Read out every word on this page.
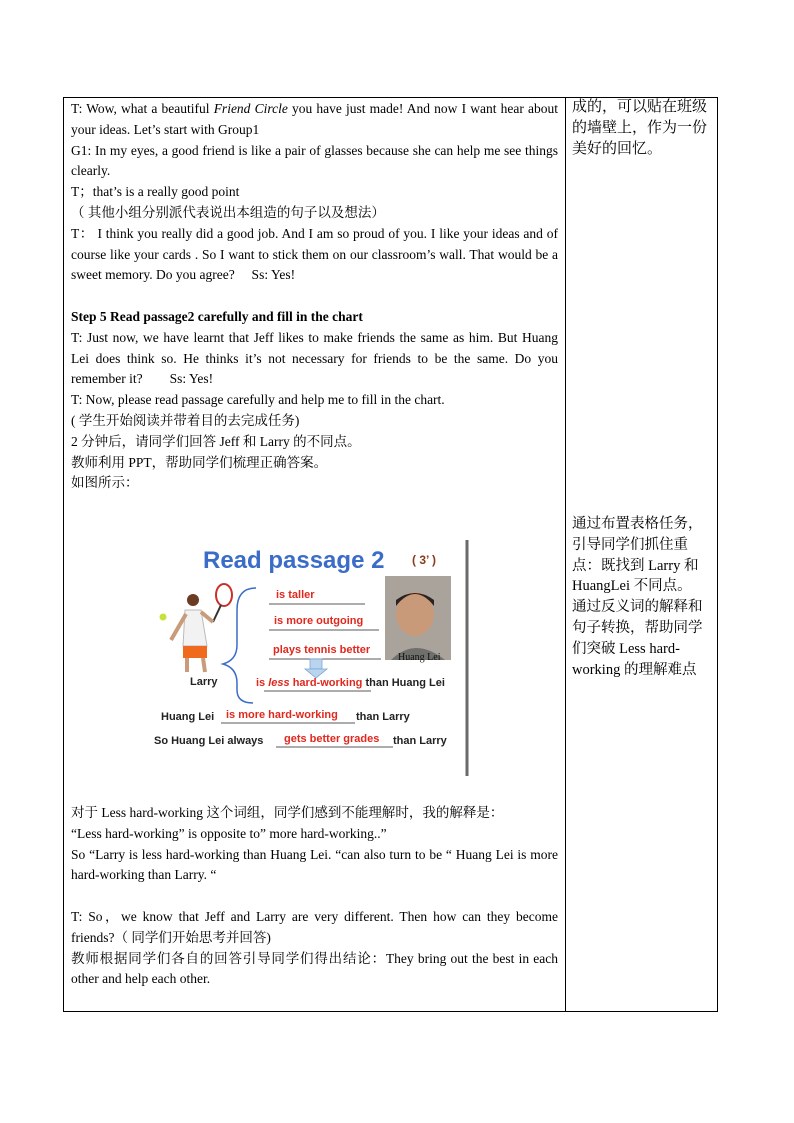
T: Wow, what a beautiful Friend Circle you have just made! And now I want hear about your ideas. Let’s start with Group1

G1: In my eyes, a good friend is like a pair of glasses because she can help me see things clearly.

T；that’s is a really good point

（ 其他小组分别派代表说出本组造的句子以及想法）

T： I think you really did a good job. And I am so proud of you. I like your ideas and of course like your cards . So I want to stick them on our classroom’s wall. That would be a sweet memory. Do you agree?　 Ss: Yes!

Step 5 Read passage2 carefully and fill in the chart

T: Just now, we have learnt that Jeff likes to make friends the same as him. But Huang Lei does think so. He thinks it’s not necessary for friends to be the same. Do you remember it?　　Ss: Yes!

T: Now, please read passage carefully and help me to fill in the chart.

( 学生开始阅读并带着目的去完成任务)

2 分钟后，请同学们回答 Jeff 和 Larry 的不同点。

教师利用 PPT，帮助同学们梳理正确答案。

如图所示：

Read passage 2 ( 3’ )
Larry
Huang Lei
is taller
is more outgoing
plays tennis better
is less hard-working than Huang Lei
Huang Lei is more hard-working than Larry
So Huang Lei always gets better grades than Larry

对于 Less hard-working 这个词组，同学们感到不能理解时，我的解释是：

“Less hard-working” is opposite to” more hard-working..”

So “Larry is less hard-working than Huang Lei. “can also turn to be “ Huang Lei is more hard-working than Larry. “

T: So，we know that Jeff and Larry are very different. Then how can they become friends?（ 同学们开始思考并回答)

教师根据同学们各自的回答引导同学们得出结论：They bring out the best in each other and help each other.

成的，可以贴在班级的墙壁上，作为一份美好的回忆。

通过布置表格任务，引导同学们抓住重点：既找到 Larry 和 HuangLei 不同点。

通过反义词的解释和句子转换，帮助同学们突破 Less hard-working 的理解难点
